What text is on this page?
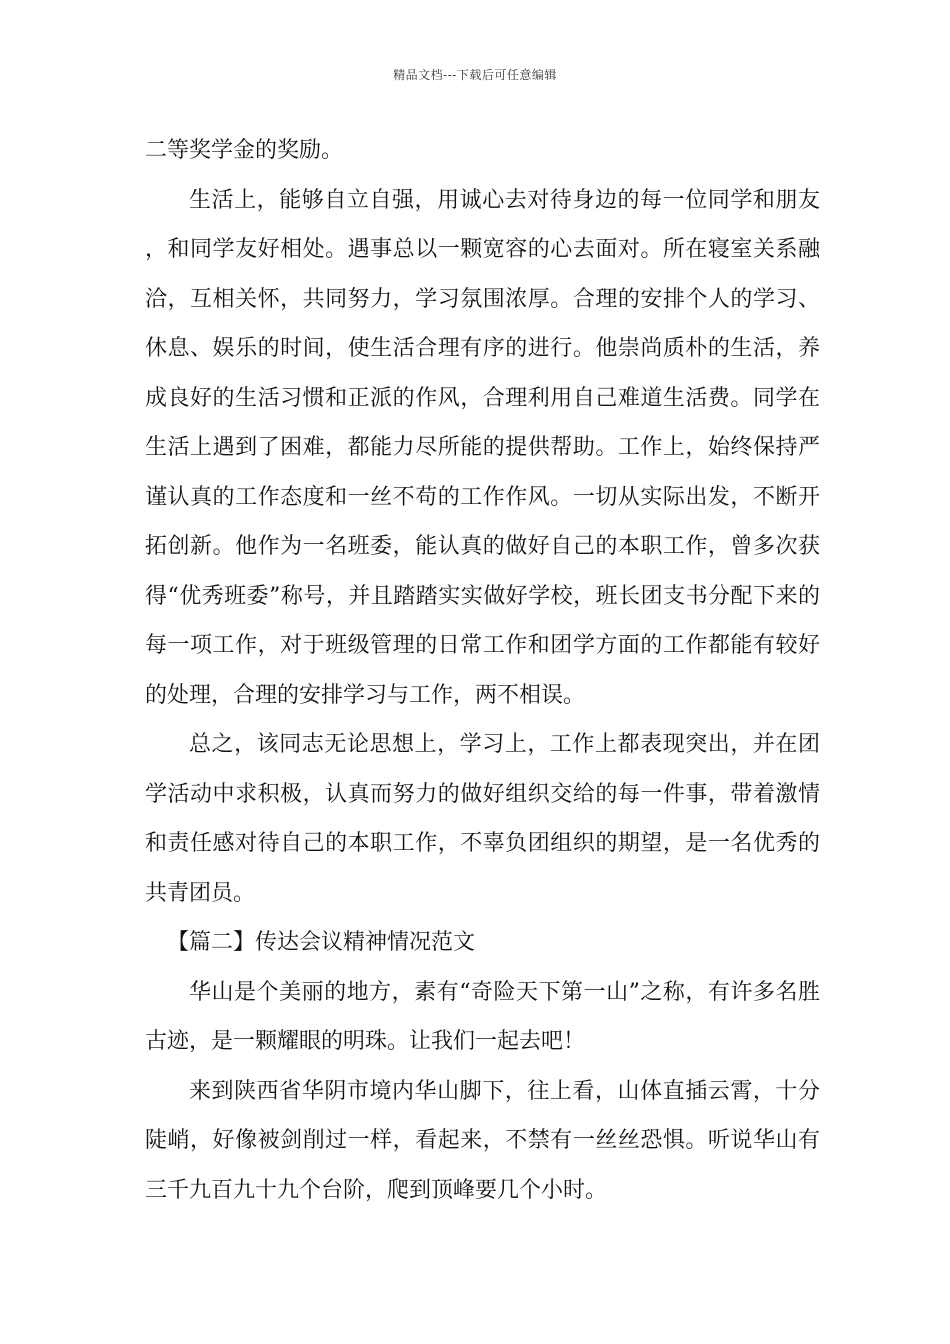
精品文档---下载后可任意编辑

二等奖学金的奖励。

生活上，能够自立自强，用诚心去对待身边的每一位同学和朋友，和同学友好相处。遇事总以一颗宽容的心去面对。所在寝室关系融洽，互相关怀，共同努力，学习氛围浓厚。合理的安排个人的学习、休息、娱乐的时间，使生活合理有序的进行。他崇尚质朴的生活，养成良好的生活习惯和正派的作风，合理利用自己难道生活费。同学在生活上遇到了困难，都能力尽所能的提供帮助。工作上，始终保持严谨认真的工作态度和一丝不苟的工作作风。一切从实际出发，不断开拓创新。他作为一名班委，能认真的做好自己的本职工作，曾多次获得“优秀班委”称号，并且踏踏实实做好学校，班长团支书分配下来的每一项工作，对于班级管理的日常工作和团学方面的工作都能有较好的处理，合理的安排学习与工作，两不相误。

总之，该同志无论思想上，学习上，工作上都表现突出，并在团学活动中求积极，认真而努力的做好组织交给的每一件事，带着激情和责任感对待自己的本职工作，不辜负团组织的期望，是一名优秀的共青团员。

【篇二】传达会议精神情况范文

华山是个美丽的地方，素有“奇险天下第一山”之称，有许多名胜古迹，是一颗耀眼的明珠。让我们一起去吧！

来到陕西省华阴市境内华山脚下，往上看，山体直插云霄，十分陡峭，好像被剑削过一样，看起来，不禁有一丝丝恐惧。听说华山有三千九百九十九个台阶，爬到顶峰要几个小时。
